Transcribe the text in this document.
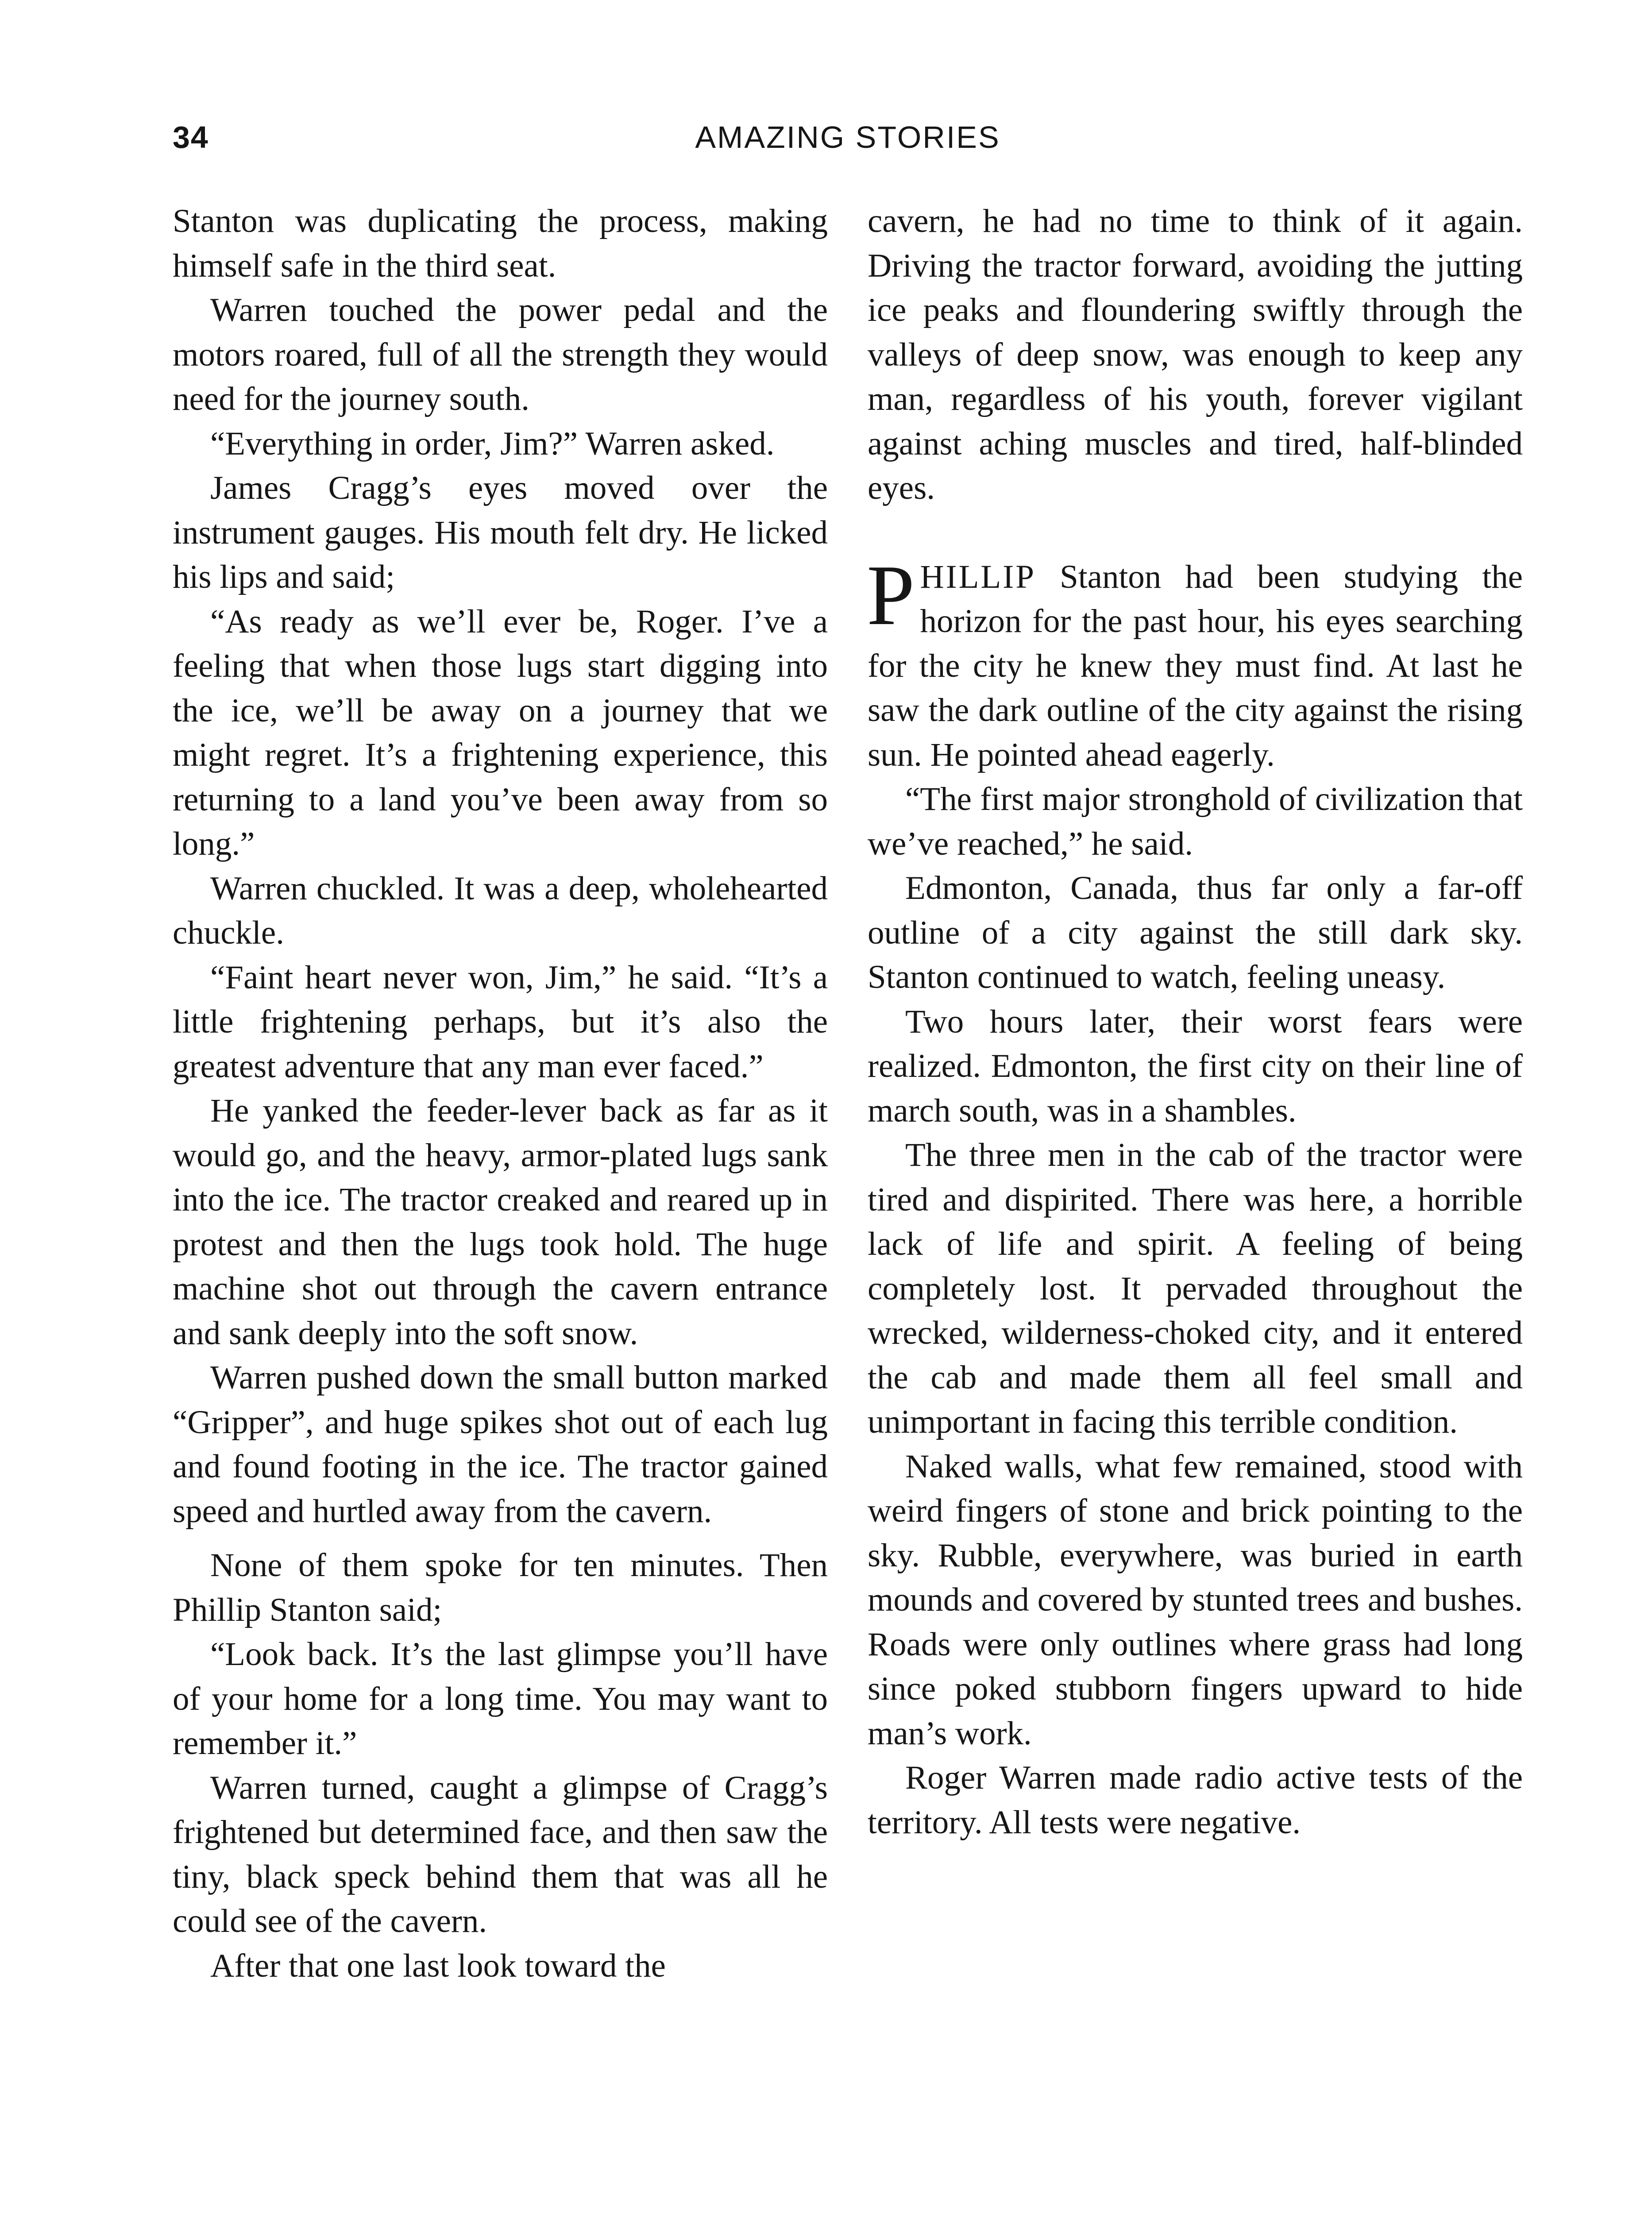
34	AMAZING STORIES

Stanton was duplicating the process, making himself safe in the third seat.

Warren touched the power pedal and the motors roared, full of all the strength they would need for the journey south.

“Everything in order, Jim?” Warren asked.

James Cragg’s eyes moved over the instrument gauges. His mouth felt dry. He licked his lips and said;

“As ready as we’ll ever be, Roger. I’ve a feeling that when those lugs start digging into the ice, we’ll be away on a journey that we might regret. It’s a frightening experience, this returning to a land you’ve been away from so long.”

Warren chuckled. It was a deep, wholehearted chuckle.

“Faint heart never won, Jim,” he said. “It’s a little frightening perhaps, but it’s also the greatest adventure that any man ever faced.”

He yanked the feeder-lever back as far as it would go, and the heavy, armor-plated lugs sank into the ice. The tractor creaked and reared up in protest and then the lugs took hold. The huge machine shot out through the cavern entrance and sank deeply into the soft snow.

Warren pushed down the small button marked “Gripper”, and huge spikes shot out of each lug and found footing in the ice. The tractor gained speed and hurtled away from the cavern.

None of them spoke for ten minutes. Then Phillip Stanton said;

“Look back. It’s the last glimpse you’ll have of your home for a long time. You may want to remember it.”

Warren turned, caught a glimpse of Cragg’s frightened but determined face, and then saw the tiny, black speck behind them that was all he could see of the cavern.

After that one last look toward the

cavern, he had no time to think of it again. Driving the tractor forward, avoiding the jutting ice peaks and floundering swiftly through the valleys of deep snow, was enough to keep any man, regardless of his youth, forever vigilant against aching muscles and tired, half-blinded eyes.

PHILLIP Stanton had been studying the horizon for the past hour, his eyes searching for the city he knew they must find. At last he saw the dark outline of the city against the rising sun. He pointed ahead eagerly.

“The first major stronghold of civilization that we’ve reached,” he said.

Edmonton, Canada, thus far only a far-off outline of a city against the still dark sky. Stanton continued to watch, feeling uneasy.

Two hours later, their worst fears were realized. Edmonton, the first city on their line of march south, was in a shambles.

The three men in the cab of the tractor were tired and dispirited. There was here, a horrible lack of life and spirit. A feeling of being completely lost. It pervaded throughout the wrecked, wilderness-choked city, and it entered the cab and made them all feel small and unimportant in facing this terrible condition.

Naked walls, what few remained, stood with weird fingers of stone and brick pointing to the sky. Rubble, everywhere, was buried in earth mounds and covered by stunted trees and bushes. Roads were only outlines where grass had long since poked stubborn fingers upward to hide man’s work.

Roger Warren made radio active tests of the territory. All tests were negative.
